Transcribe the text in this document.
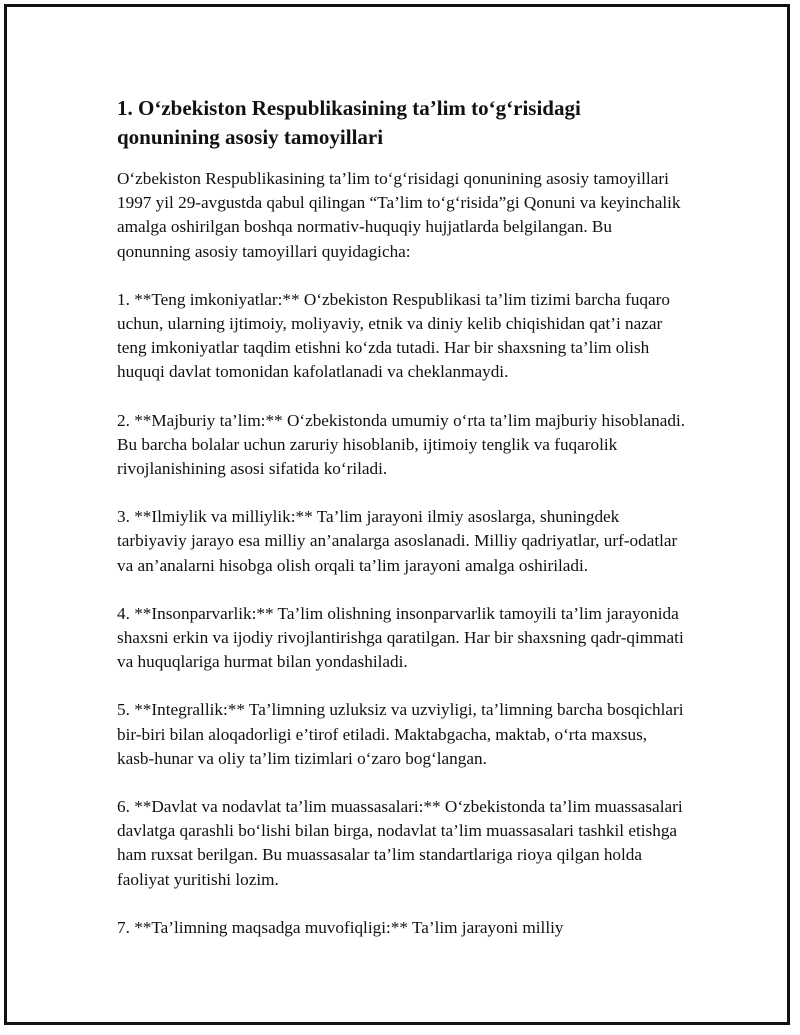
1. O‘zbekiston Respublikasining ta’lim to‘g‘risidagi qonunining asosiy tamoyillari

O‘zbekiston Respublikasining ta’lim to‘g‘risidagi qonunining asosiy tamoyillari 1997 yil 29-avgustda qabul qilingan “Ta’lim to‘g‘risida”gi Qonuni va keyinchalik amalga oshirilgan boshqa normativ-huquqiy hujjatlarda belgilangan. Bu qonunning asosiy tamoyillari quyidagicha:

1. **Teng imkoniyatlar:** O‘zbekiston Respublikasi ta’lim tizimi barcha fuqaro uchun, ularning ijtimoiy, moliyaviy, etnik va diniy kelib chiqishidan qat’i nazar teng imkoniyatlar taqdim etishni ko‘zda tutadi. Har bir shaxsning ta’lim olish huquqi davlat tomonidan kafolatlanadi va cheklanmaydi.

2. **Majburiy ta’lim:** O‘zbekistonda umumiy o‘rta ta’lim majburiy hisoblanadi. Bu barcha bolalar uchun zaruriy hisoblanib, ijtimoiy tenglik va fuqarolik rivojlanishining asosi sifatida ko‘riladi.

3. **Ilmiylik va milliylik:** Ta’lim jarayoni ilmiy asoslarga, shuningdek tarbiyaviy jarayo esa milliy an’analarga asoslanadi. Milliy qadriyatlar, urf-odatlar va an’analarni hisobga olish orqali ta’lim jarayoni amalga oshiriladi.

4. **Insonparvarlik:** Ta’lim olishning insonparvarlik tamoyili ta’lim jarayonida shaxsni erkin va ijodiy rivojlantirishga qaratilgan. Har bir shaxsning qadr-qimmati va huquqlariga hurmat bilan yondashiladi.

5. **Integrallik:** Ta’limning uzluksiz va uzviyligi, ta’limning barcha bosqichlari bir-biri bilan aloqadorligi e’tirof etiladi. Maktabgacha, maktab, o‘rta maxsus, kasb-hunar va oliy ta’lim tizimlari o‘zaro bog‘langan.

6. **Davlat va nodavlat ta’lim muassasalari:** O‘zbekistonda ta’lim muassasalari davlatga qarashli bo‘lishi bilan birga, nodavlat ta’lim muassasalari tashkil etishga ham ruxsat berilgan. Bu muassasalar ta’lim standartlariga rioya qilgan holda faoliyat yuritishi lozim.

7. **Ta’limning maqsadga muvofiqligi:** Ta’lim jarayoni milliy
